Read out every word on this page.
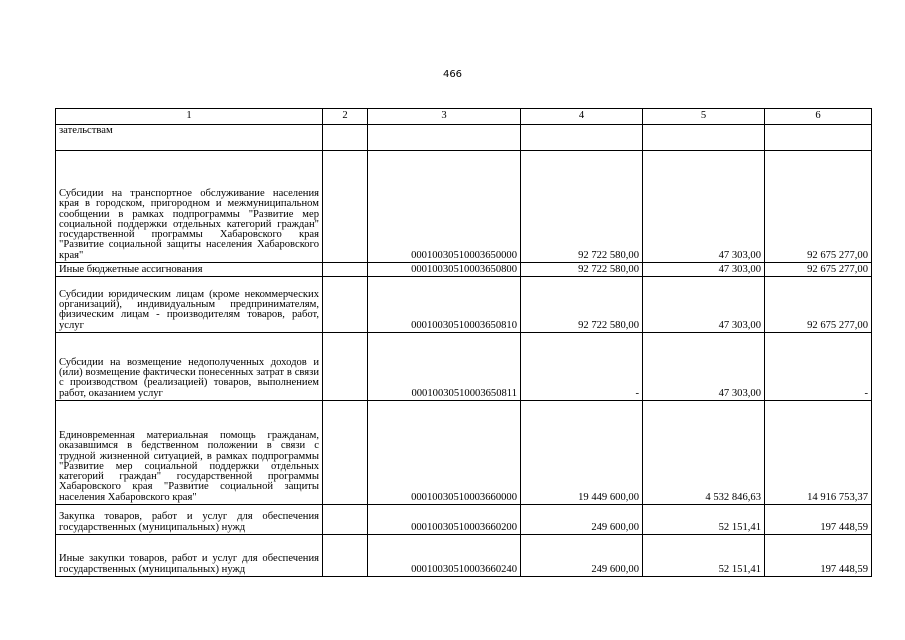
466
1	2	3	4	5	6
зательствам					
Субсидии на транспортное обслуживание населения края в городском, пригородном и межмуниципальном сообщении в рамках подпрограммы "Развитие мер социальной поддержки отдельных категорий граждан" государственной программы Хабаровского края "Развитие социальной защиты населения Хабаровского края"		00010030510003650000	92 722 580,00	47 303,00	92 675 277,00
Иные бюджетные ассигнования		00010030510003650800	92 722 580,00	47 303,00	92 675 277,00
Субсидии юридическим лицам (кроме некоммерческих организаций), индивидуальным предпринимателям, физическим лицам - производителям товаров, работ, услуг		00010030510003650810	92 722 580,00	47 303,00	92 675 277,00
Субсидии на возмещение недополученных доходов и (или) возмещение фактически понесенных затрат в связи с производством (реализацией) товаров, выполнением работ, оказанием услуг		00010030510003650811	-	47 303,00	-
Единовременная материальная помощь гражданам, оказавшимся в бедственном положении в связи с трудной жизненной ситуацией, в рамках подпрограммы "Развитие мер социальной поддержки отдельных категорий граждан" государственной программы Хабаровского края "Развитие социальной защиты населения Хабаровского края"		00010030510003660000	19 449 600,00	4 532 846,63	14 916 753,37
Закупка товаров, работ и услуг для обеспечения государственных (муниципальных) нужд		00010030510003660200	249 600,00	52 151,41	197 448,59
Иные закупки товаров, работ и услуг для обеспечения государственных (муниципальных) нужд		00010030510003660240	249 600,00	52 151,41	197 448,59
